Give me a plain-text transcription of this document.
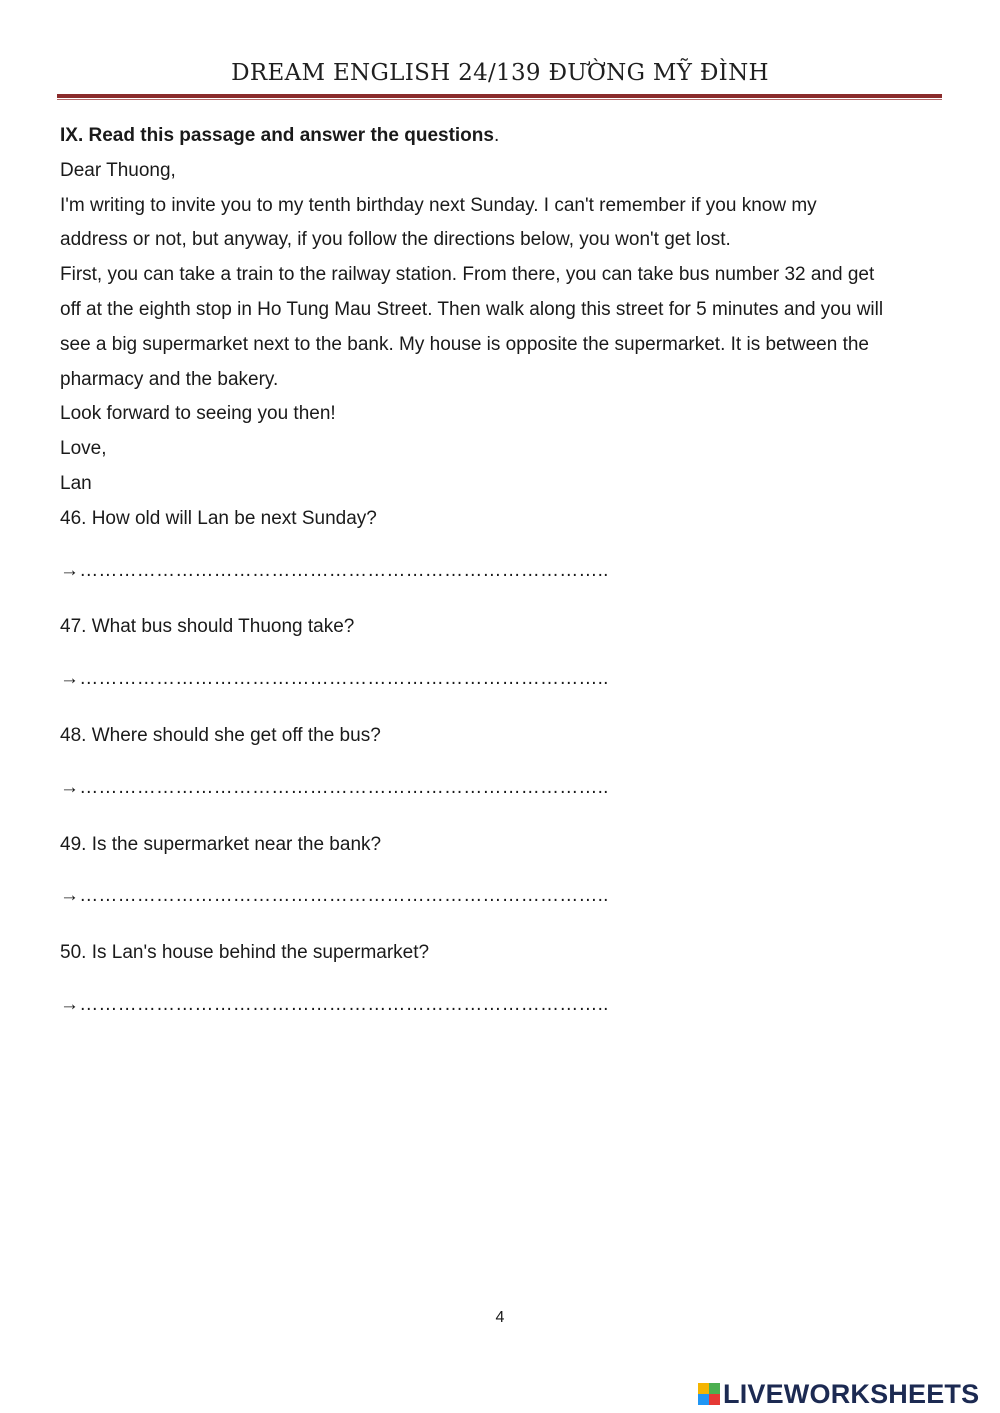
DREAM ENGLISH 24/139 ĐƯỜNG MỸ ĐÌNH
IX. Read this passage and answer the questions.
Dear Thuong,
I'm writing to invite you to my tenth birthday next Sunday. I can't remember if you know my
address or not, but anyway, if you follow the directions below, you won't get lost.
First, you can take a train to the railway station. From there, you can take bus number 32 and get
off at the eighth stop in Ho Tung Mau Street. Then walk along this street for 5 minutes and you will
see a big supermarket next to the bank. My house is opposite the supermarket. It is between the
pharmacy and the bakery.
Look forward to seeing you then!
Love,
Lan
46. How old will Lan be next Sunday?
→………………………………………………………………………..
47. What bus should Thuong take?
→………………………………………………………………………..
48. Where should she get off the bus?
→………………………………………………………………………..
49. Is the supermarket near the bank?
→………………………………………………………………………..
50. Is Lan's house behind the supermarket?
→………………………………………………………………………..
4
LIVEWORKSHEETS
